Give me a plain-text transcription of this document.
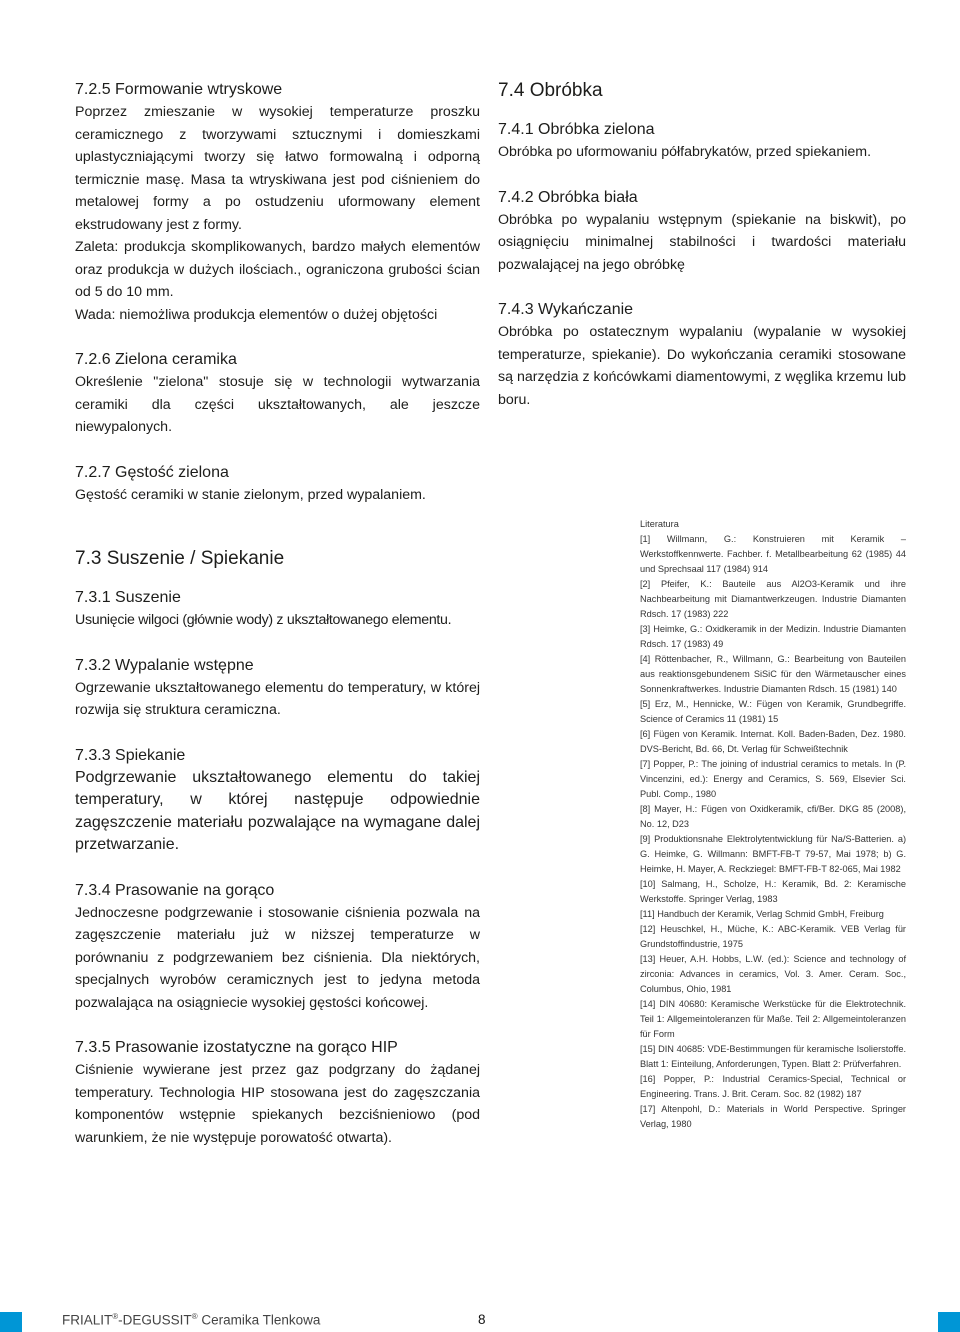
7.2.5 Formowanie wtryskowe

Poprzez zmieszanie w wysokiej temperaturze proszku ceramicznego z tworzywami sztucznymi i domieszkami uplastyczniającymi tworzy się łatwo formowalną i odporną termicznie masę. Masa ta wtryskiwana jest pod ciśnieniem do metalowej formy a po ostudzeniu uformowany element ekstrudowany jest z formy.

Zaleta: produkcja skomplikowanych, bardzo małych elementów oraz produkcja w dużych ilościach., ograniczona grubości ścian od 5 do 10 mm.

Wada: niemożliwa produkcja elementów o dużej objętości

7.2.6 Zielona ceramika

Określenie "zielona" stosuje się w technologii wytwarzania ceramiki dla części ukształtowanych, ale jeszcze niewypalonych.

7.2.7 Gęstość zielona

Gęstość ceramiki w stanie zielonym, przed wypalaniem.

7.3 Suszenie / Spiekanie

7.3.1 Suszenie

Usunięcie wilgoci (głównie wody) z ukształtowanego elementu.

7.3.2 Wypalanie wstępne

Ogrzewanie ukształtowanego elementu do temperatury, w której rozwija się struktura ceramiczna.

7.3.3 Spiekanie

Podgrzewanie ukształtowanego elementu do takiej temperatury, w której następuje odpowiednie zagęszczenie materiału pozwalające na wymagane dalej przetwarzanie.

7.3.4 Prasowanie na gorąco

Jednoczesne podgrzewanie i stosowanie ciśnienia pozwala na zagęszczenie materiału już w niższej temperaturze w porównaniu z podgrzewaniem bez ciśnienia. Dla niektórych, specjalnych wyrobów ceramicznych jest to jedyna metoda pozwalająca na osiągniecie wysokiej gęstości końcowej.

7.3.5 Prasowanie izostatyczne na gorąco HIP

Ciśnienie wywierane jest przez gaz podgrzany do żądanej temperatury. Technologia HIP stosowana jest do zagęszczania komponentów wstępnie spiekanych bezciśnieniowo (pod warunkiem, że nie występuje porowatość otwarta).

7.4 Obróbka

7.4.1 Obróbka zielona

Obróbka po uformowaniu półfabrykatów, przed spiekaniem.

7.4.2 Obróbka biała

Obróbka po wypalaniu wstępnym (spiekanie na biskwit), po osiągnięciu minimalnej stabilności i twardości materiału pozwalającej na jego obróbkę

7.4.3 Wykańczanie

Obróbka po ostatecznym wypalaniu (wypalanie w wysokiej temperaturze, spiekanie). Do wykończania ceramiki stosowane są narzędzia z końcówkami diamentowymi, z węglika krzemu lub boru.

Literatura

[1] Willmann, G.: Konstruieren mit Keramik – Werkstoffkennwerte. Fachber. f. Metallbearbeitung 62 (1985) 44 und Sprechsaal 117 (1984) 914

[2] Pfeifer, K.: Bauteile aus Al2O3-Keramik und ihre Nachbearbeitung mit Diamantwerkzeugen. Industrie Diamanten Rdsch. 17 (1983) 222

[3] Heimke, G.: Oxidkeramik in der Medizin. Industrie Diamanten Rdsch. 17 (1983) 49

[4] Röttenbacher, R., Willmann, G.: Bearbeitung von Bauteilen aus reaktionsgebundenem SiSiC für den Wärmetauscher eines Sonnenkraftwerkes. Industrie Diamanten Rdsch. 15 (1981) 140

[5] Erz, M., Hennicke, W.: Fügen von Keramik, Grundbegriffe. Science of Ceramics 11 (1981) 15

[6] Fügen von Keramik. Internat. Koll. Baden-Baden, Dez. 1980. DVS-Bericht, Bd. 66, Dt. Verlag für Schweißtechnik

[7] Popper, P.: The joining of industrial ceramics to metals. In (P. Vincenzini, ed.): Energy and Ceramics, S. 569, Elsevier Sci. Publ. Comp., 1980

[8] Mayer, H.: Fügen von Oxidkeramik, cfi/Ber. DKG 85 (2008), No. 12, D23

[9] Produktionsnahe Elektrolytentwicklung für Na/S-Batterien. a) G. Heimke, G. Willmann: BMFT-FB-T 79-57, Mai 1978; b) G. Heimke, H. Mayer, A. Reckziegel: BMFT-FB-T 82-065, Mai 1982

[10] Salmang, H., Scholze, H.: Keramik, Bd. 2: Keramische Werkstoffe. Springer Verlag, 1983

[11] Handbuch der Keramik, Verlag Schmid GmbH, Freiburg

[12] Heuschkel, H., Müche, K.: ABC-Keramik. VEB Verlag für Grundstoffindustrie, 1975

[13] Heuer, A.H. Hobbs, L.W. (ed.): Science and technology of zirconia: Advances in ceramics, Vol. 3. Amer. Ceram. Soc., Columbus, Ohio, 1981

[14] DIN 40680: Keramische Werkstücke für die Elektrotechnik. Teil 1: Allgemeintoleranzen für Maße. Teil 2: Allgemeintoleranzen für Form

[15] DIN 40685: VDE-Bestimmungen für keramische Isolierstoffe. Blatt 1: Einteilung, Anforderungen, Typen. Blatt 2: Prüfverfahren.

[16] Popper, P.: Industrial Ceramics-Special, Technical or Engineering. Trans. J. Brit. Ceram. Soc. 82 (1982) 187

[17] Altenpohl, D.: Materials in World Perspective. Springer Verlag, 1980

FRIALIT®-DEGUSSIT® Ceramika Tlenkowa	8
